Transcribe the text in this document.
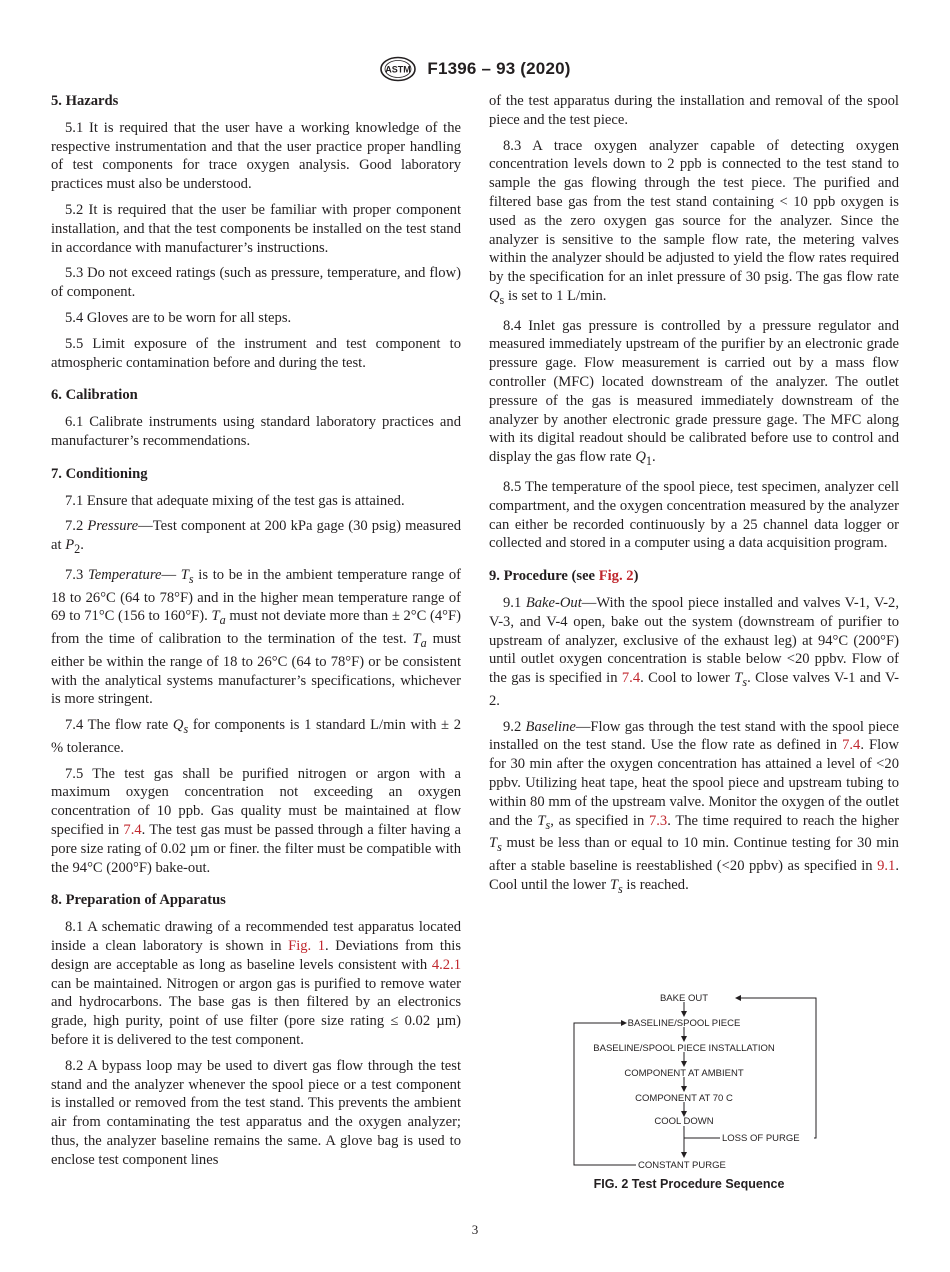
ASTM F1396 – 93 (2020)
5. Hazards

5.1 It is required that the user have a working knowledge of the respective instrumentation and that the user practice proper handling of test components for trace oxygen analysis. Good laboratory practices must also be understood.

5.2 It is required that the user be familiar with proper component installation, and that the test components be installed on the test stand in accordance with manufacturer’s instructions.

5.3 Do not exceed ratings (such as pressure, temperature, and flow) of component.

5.4 Gloves are to be worn for all steps.

5.5 Limit exposure of the instrument and test component to atmospheric contamination before and during the test.

6. Calibration

6.1 Calibrate instruments using standard laboratory practices and manufacturer’s recommendations.

7. Conditioning

7.1 Ensure that adequate mixing of the test gas is attained.

7.2 Pressure—Test component at 200 kPa gage (30 psig) measured at $P_2$.

7.3 Temperature— $T_s$ is to be in the ambient temperature range of 18 to 26°C (64 to 78°F) and in the higher mean temperature range of 69 to 71°C (156 to 160°F). $T_a$ must not deviate more than ± 2°C (4°F) from the time of calibration to the termination of the test. $T_a$ must either be within the range of 18 to 26°C (64 to 78°F) or be consistent with the analytical systems manufacturer’s specifications, whichever is more stringent.

7.4 The flow rate $Q_s$ for components is 1 standard L/min with ± 2 % tolerance.

7.5 The test gas shall be purified nitrogen or argon with a maximum oxygen concentration not exceeding an oxygen concentration of 10 ppb. Gas quality must be maintained at flow specified in 7.4. The test gas must be passed through a filter having a pore size rating of 0.02 µm or finer. the filter must be compatible with the 94°C (200°F) bake-out.

8. Preparation of Apparatus

8.1 A schematic drawing of a recommended test apparatus located inside a clean laboratory is shown in Fig. 1. Deviations from this design are acceptable as long as baseline levels consistent with 4.2.1 can be maintained. Nitrogen or argon gas is purified to remove water and hydrocarbons. The base gas is then filtered by an electronics grade, high purity, point of use filter (pore size rating ≤ 0.02 µm) before it is delivered to the test component.

8.2 A bypass loop may be used to divert gas flow through the test stand and the analyzer whenever the spool piece or a test component is installed or removed from the test stand. This prevents the ambient air from contaminating the test apparatus and the oxygen analyzer; thus, the analyzer baseline remains the same. A glove bag is used to enclose test component lines

of the test apparatus during the installation and removal of the spool piece and the test piece.

8.3 A trace oxygen analyzer capable of detecting oxygen concentration levels down to 2 ppb is connected to the test stand to sample the gas flowing through the test piece. The purified and filtered base gas from the test stand containing < 10 ppb oxygen is used as the zero oxygen gas source for the analyzer. Since the analyzer is sensitive to the sample flow rate, the metering valves within the analyzer should be adjusted to yield the flow rates required by the specification for an inlet pressure of 30 psig. The gas flow rate $Q_s$ is set to 1 L/min.

8.4 Inlet gas pressure is controlled by a pressure regulator and measured immediately upstream of the purifier by an electronic grade pressure gage. Flow measurement is carried out by a mass flow controller (MFC) located downstream of the analyzer. The outlet pressure of the gas is measured immediately downstream of the analyzer by another electronic grade pressure gage. The MFC along with its digital readout should be calibrated before use to control and display the gas flow rate $Q_1$.

8.5 The temperature of the spool piece, test specimen, analyzer cell compartment, and the oxygen concentration measured by the analyzer can either be recorded continuously by a 25 channel data logger or collected and stored in a computer using a data acquisition program.

9. Procedure (see Fig. 2)

9.1 Bake-Out—With the spool piece installed and valves V-1, V-2, V-3, and V-4 open, bake out the system (downstream of purifier to upstream of analyzer, exclusive of the exhaust leg) at 94°C (200°F) until outlet oxygen concentration is stable below <20 ppbv. Flow of the gas is specified in 7.4. Cool to lower $T_s$. Close valves V-1 and V-2.

9.2 Baseline—Flow gas through the test stand with the spool piece installed on the test stand. Use the flow rate as defined in 7.4. Flow for 30 min after the oxygen concentration has attained a level of <20 ppbv. Utilizing heat tape, heat the spool piece and upstream tubing to within 80 mm of the upstream valve. Monitor the oxygen of the outlet and the $T_s$, as specified in 7.3. The time required to reach the higher $T_s$ must be less than or equal to 10 min. Continue testing for 30 min after a stable baseline is reestablished (<20 ppbv) as specified in 9.1. Cool until the lower $T_s$ is reached.

BAKE OUT
BASELINE/SPOOL PIECE
BASELINE/SPOOL PIECE INSTALLATION
COMPONENT AT AMBIENT
COMPONENT AT 70 C
COOL DOWN
LOSS OF PURGE
CONSTANT PURGE
FIG. 2 Test Procedure Sequence
3
